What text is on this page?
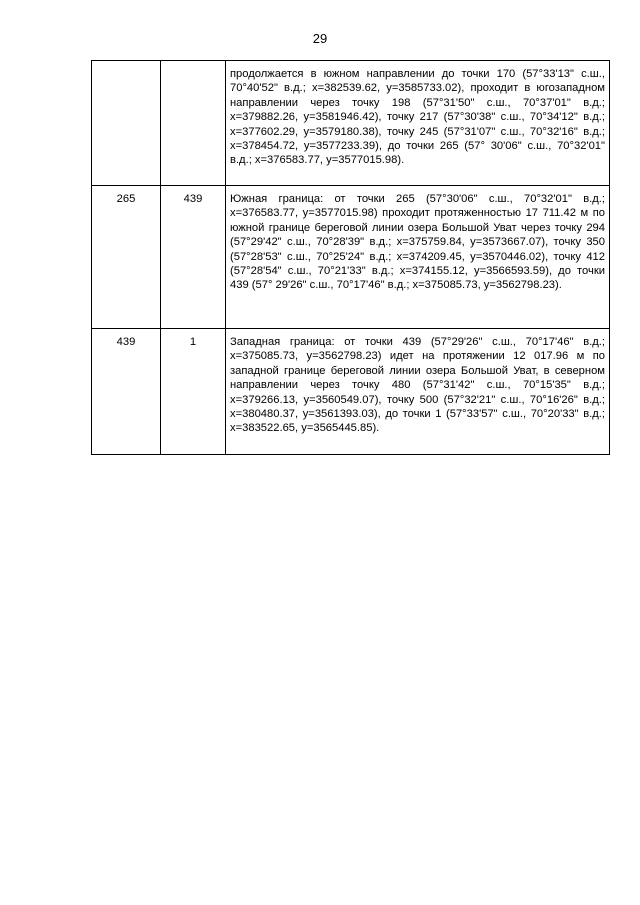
29
		продолжается в южном направлении до точки 170 (57°33'13" с.ш., 70°40'52" в.д.; x=382539.62, y=3585733.02), проходит в югозападном направлении через точку 198 (57°31'50" с.ш., 70°37'01" в.д.; x=379882.26, y=3581946.42), точку 217 (57°30'38" с.ш., 70°34'12" в.д.; x=377602.29, y=3579180.38), точку 245 (57°31'07" с.ш., 70°32'16" в.д.; x=378454.72, y=3577233.39), до точки 265 (57° 30'06" с.ш., 70°32'01" в.д.; x=376583.77, y=3577015.98).
265	439	Южная граница: от точки 265 (57°30'06" с.ш., 70°32'01" в.д.; x=376583.77, y=3577015.98) проходит протяженностью 17 711.42 м по южной границе береговой линии озера Большой Уват через точку 294 (57°29'42" с.ш., 70°28'39" в.д.; x=375759.84, y=3573667.07), точку 350 (57°28'53" с.ш., 70°25'24" в.д.; x=374209.45, y=3570446.02), точку 412 (57°28'54" с.ш., 70°21'33" в.д.; x=374155.12, y=3566593.59), до точки 439 (57° 29'26" с.ш., 70°17'46" в.д.; x=375085.73, y=3562798.23).
439	1	Западная граница: от точки 439 (57°29'26" с.ш., 70°17'46" в.д.; x=375085.73, y=3562798.23) идет на протяжении 12 017.96 м по западной границе береговой линии озера Большой Уват, в северном направлении через точку 480 (57°31'42" с.ш., 70°15'35" в.д.; x=379266.13, y=3560549.07), точку 500 (57°32'21" с.ш., 70°16'26" в.д.; x=380480.37, y=3561393.03), до точки 1 (57°33'57" с.ш., 70°20'33" в.д.; x=383522.65, y=3565445.85).
